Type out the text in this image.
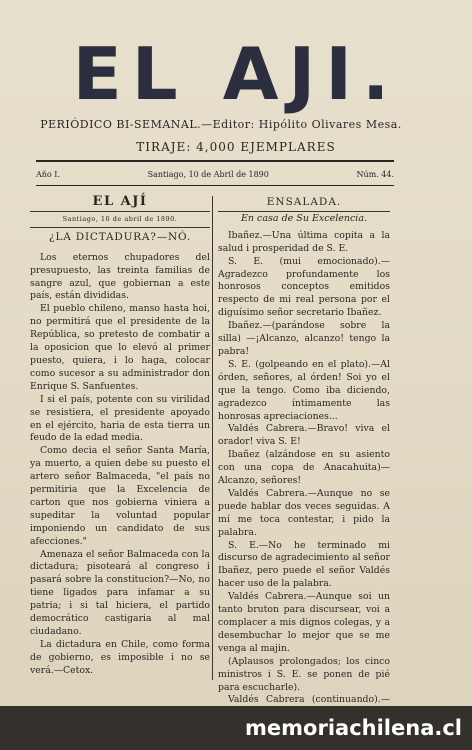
EL AJI.
PERIÓDICO BI-SEMANAL.—Editor: Hipólito Olivares Mesa.
TIRAJE: 4,000 EJEMPLARES
Año I.	Santiago, 10 de Abril de 1890	Núm. 44.
EL AJÍ
Santiago, 10 de abril de 1890.
¿LA DICTADURA?—NÓ.

Los eternos chupadores del presupuesto, las treinta familias de sangre azul, que gobiernan a este país, están divididas.

El pueblo chileno, manso hasta hoi, no permitirá que el presidente de la República, so pretesto de combatir a la oposicion que lo elevó al primer puesto, quiera, i lo haga, colocar como sucesor a su administrador don Enrique S. Sanfuentes.

I si el país, potente con su virilidad se resistiera, el presidente apoyado en el ejército, haria de esta tierra un feudo de la edad media.

Como decia el señor Santa María, ya muerto, a quien debe su puesto el artero señor Balmaceda, "el país no permitiria que la Excelencia de carton que nos gobierna viniera a supeditar la voluntad popular imponiendo un candidato de sus afecciones."

Amenaza el señor Balmaceda con la dictadura; pisoteará al congreso i pasará sobre la constitucion?—No, no tiene ligados para infamar a su patria; i si tal hiciera, el partido democrático castigaria al mal ciudadano.

La dictadura en Chile, como forma de gobierno, es imposible i no se verá.—Cetox.

ENSALADA.
En casa de Su Excelencia.

Ibañez.—Una última copita a la salud i prosperidad de S. E.

S. E. (mui emocionado).—Agradezco profundamente los honrosos conceptos emitidos respecto de mi real persona por el diguísimo señor secretario Ibañez.

Ibañez.—(parándose sobre la silla) —¡Alcanzo, alcanzo! tengo la pabra!

S. E. (golpeando en el plato).—Al órden, señores, al órden! Soi yo el que la tengo. Como iba diciendo, agradezco íntimamente las honrosas apreciaciones...

Valdés Cabrera.—Bravo! viva el orador! viva S. E!

Ibañez (alzándose en su asiento con una copa de Anacahuita)—Alcanzo, señores!

Valdés Cabrera.—Aunque no se puede hablar dos veces seguidas. A mí me toca contestar, i pido la palabra.

S. E.—No he terminado mi discurso de agradecimiento al señor Ibañez, pero puede el señor Valdés hacer uso de la palabra.

Valdés Cabrera.—Aunque soi un tanto bruton para discursear, voi a complacer a mis dignos colegas, y a desembuchar lo mejor que se me venga al majin.

(Aplausos prolongados; los cinco ministros i S. E. se ponen de pié para escucharle).

Valdés Cabrera (continuando).—

memoriachilena.cl
